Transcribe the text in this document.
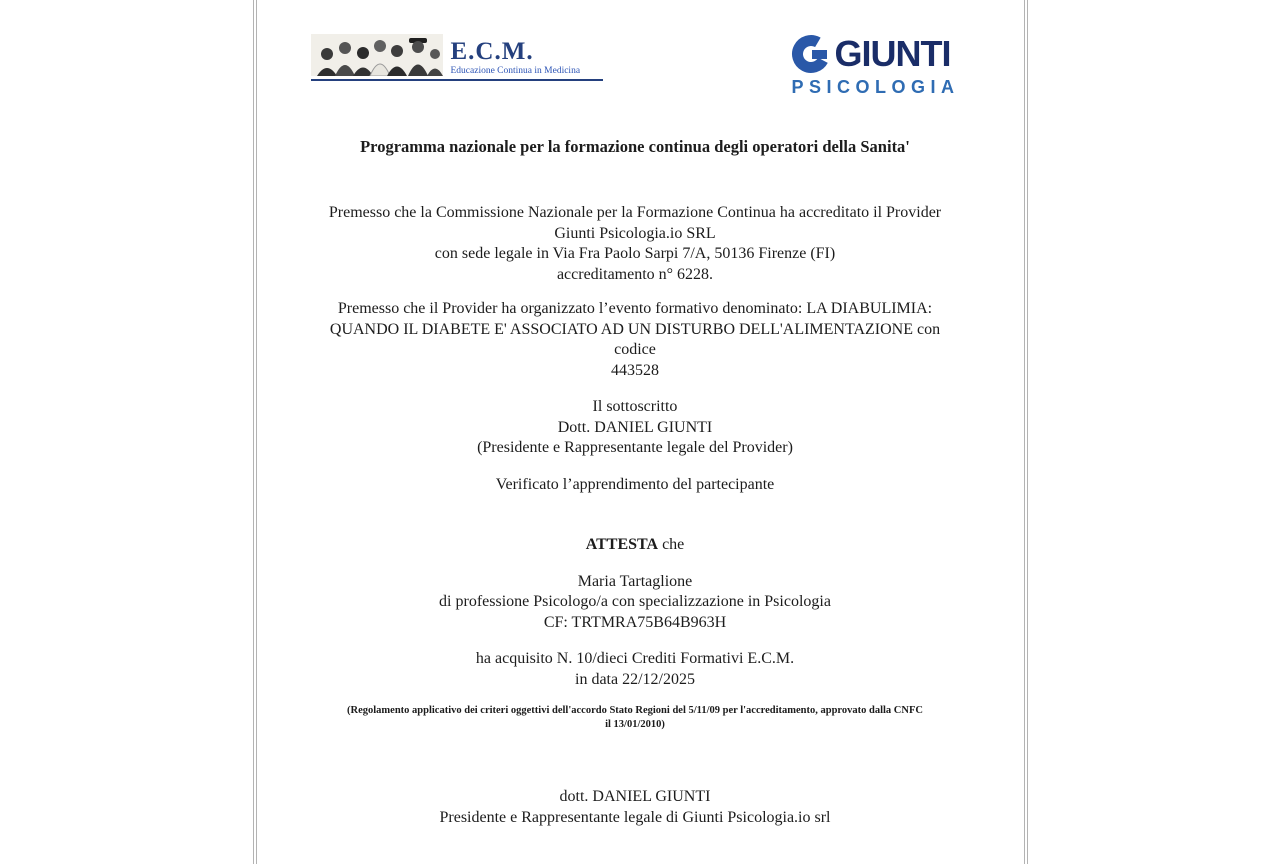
E.C.M.
Educazione Continua in Medicina	GIUNTI
PSICOLOGIA
Programma nazionale per la formazione continua degli operatori della Sanita'
Premesso che la Commissione Nazionale per la Formazione Continua ha accreditato il Provider
Giunti Psicologia.io SRL
con sede legale in Via Fra Paolo Sarpi 7/A, 50136 Firenze (FI)
accreditamento n° 6228.
Premesso che il Provider ha organizzato l’evento formativo denominato: LA DIABULIMIA:
QUANDO IL DIABETE E' ASSOCIATO AD UN DISTURBO DELL'ALIMENTAZIONE con codice
443528
Il sottoscritto
Dott. DANIEL GIUNTI
(Presidente e Rappresentante legale del Provider)
Verificato l’apprendimento del partecipante
ATTESTA che
Maria Tartaglione
di professione Psicologo/a con specializzazione in Psicologia
CF: TRTMRA75B64B963H
ha acquisito N. 10/dieci Crediti Formativi E.C.M.
in data 22/12/2025
(Regolamento applicativo dei criteri oggettivi dell'accordo Stato Regioni del 5/11/09 per l'accreditamento, approvato dalla CNFC
il 13/01/2010)
dott. DANIEL GIUNTI
Presidente e Rappresentante legale di Giunti Psicologia.io srl
